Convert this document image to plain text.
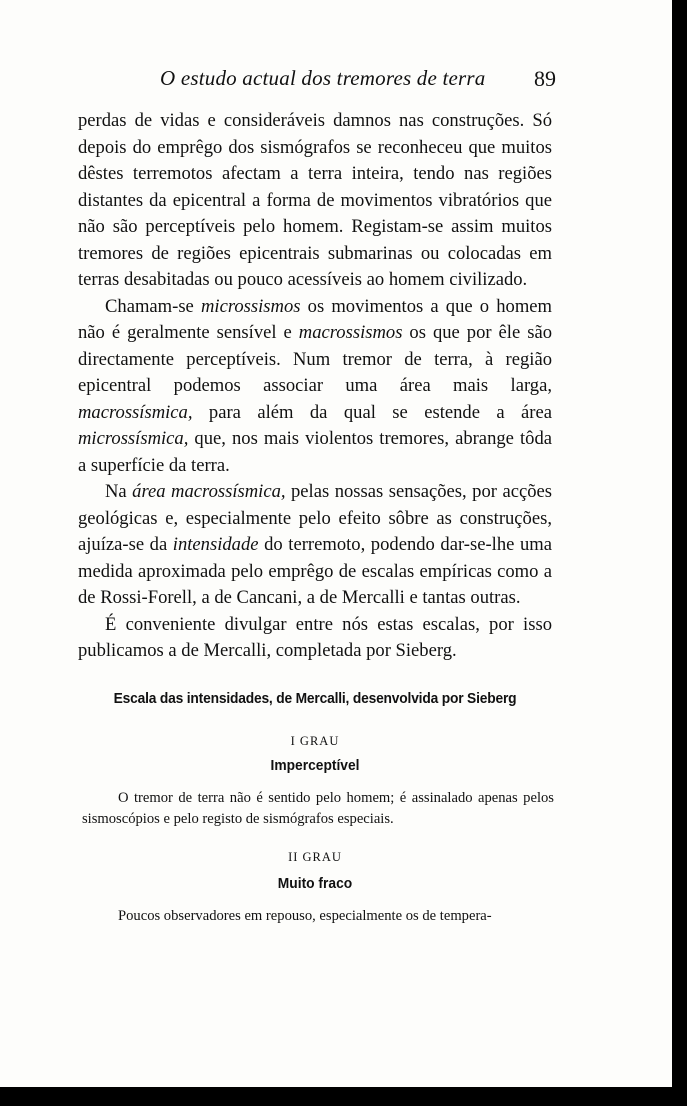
O estudo actual dos tremores de terra 89

perdas de vidas e consideráveis damnos nas construções. Só depois do emprêgo dos sismógrafos se reconheceu que muitos dêstes terremotos afectam a terra inteira, tendo nas regiões distantes da epicentral a forma de movimentos vibratórios que não são perceptíveis pelo homem. Registam-se assim muitos tremores de regiões epicentrais submarinas ou colocadas em terras desabitadas ou pouco acessíveis ao homem civilizado.

Chamam-se microssismos os movimentos a que o homem não é geralmente sensível e macrossismos os que por êle são directamente perceptíveis. Num tremor de terra, à região epicentral podemos associar uma área mais larga, macrossísmica, para além da qual se estende a área microssísmica, que, nos mais violentos tremores, abrange tôda a superfície da terra.

Na área macrossísmica, pelas nossas sensações, por acções geológicas e, especialmente pelo efeito sôbre as construções, ajuíza-se da intensidade do terremoto, podendo dar-se-lhe uma medida aproximada pelo emprêgo de escalas empíricas como a de Rossi-Forell, a de Cancani, a de Mercalli e tantas outras.

É conveniente divulgar entre nós estas escalas, por isso publicamos a de Mercalli, completada por Sieberg.

Escala das intensidades, de Mercalli, desenvolvida por Sieberg
I GRAU
Imperceptível
O tremor de terra não é sentido pelo homem; é assinalado apenas pelos sismoscópios e pelo registo de sismógrafos especiais.
II GRAU
Muito fraco
Poucos observadores em repouso, especialmente os de tempera-
